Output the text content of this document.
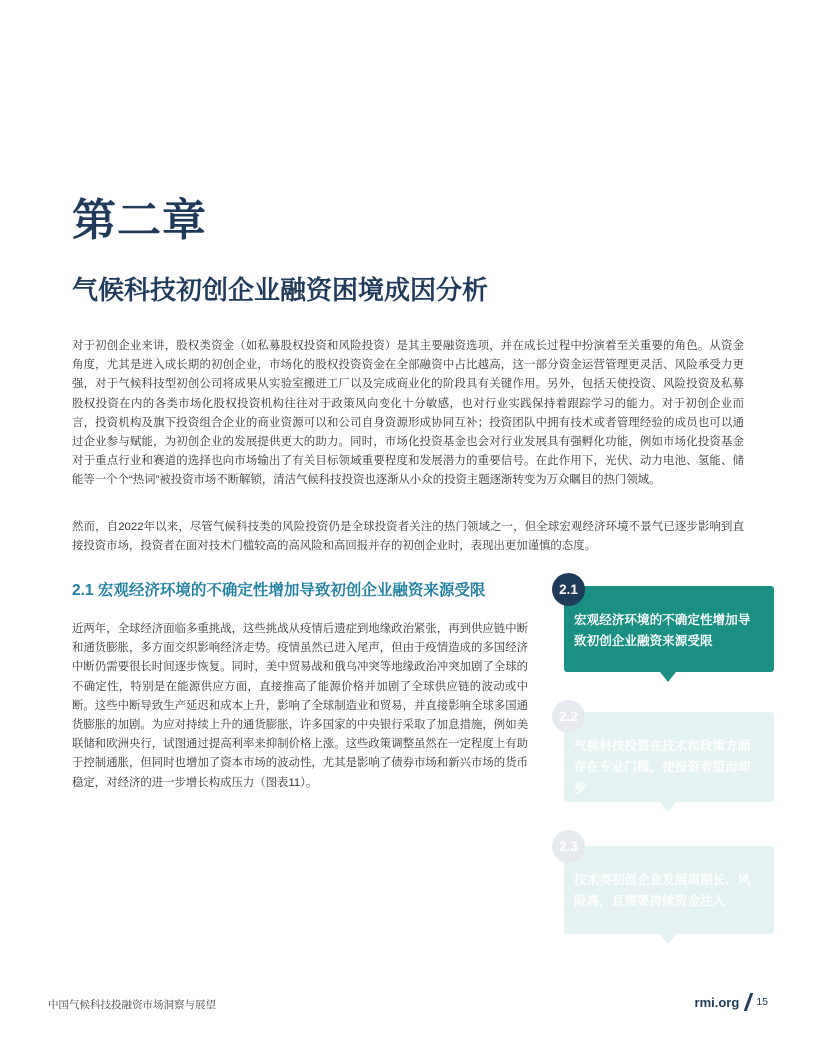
第二章
气候科技初创企业融资困境成因分析

对于初创企业来讲，股权类资金（如私募股权投资和风险投资）是其主要融资选项，并在成长过程中扮演着至关重要的角色。从资金角度，尤其是进入成长期的初创企业，市场化的股权投资资金在全部融资中占比越高，这一部分资金运营管理更灵活、风险承受力更强，对于气候科技型初创公司将成果从实验室搬进工厂以及完成商业化的阶段具有关键作用。另外，包括天使投资、风险投资及私募股权投资在内的各类市场化股权投资机构往往对于政策风向变化十分敏感，也对行业实践保持着跟踪学习的能力。对于初创企业而言，投资机构及旗下投资组合企业的商业资源可以和公司自身资源形成协同互补；投资团队中拥有技术或者管理经验的成员也可以通过企业参与赋能，为初创企业的发展提供更大的助力。同时，市场化投资基金也会对行业发展具有强孵化功能，例如市场化投资基金对于重点行业和赛道的选择也向市场输出了有关目标领域重要程度和发展潜力的重要信号。在此作用下，光伏、动力电池、氢能、储能等一个个“热词”被投资市场不断解锁，清洁气候科技投资也逐渐从小众的投资主题逐渐转变为万众瞩目的热门领域。

然而，自2022年以来，尽管气候科技类的风险投资仍是全球投资者关注的热门领域之一，但全球宏观经济环境不景气已逐步影响到直接投资市场，投资者在面对技术门槛较高的高风险和高回报并存的初创企业时，表现出更加谨慎的态度。

2.1 宏观经济环境的不确定性增加导致初创企业融资来源受限

近两年，全球经济面临多重挑战，这些挑战从疫情后遗症到地缘政治紧张，再到供应链中断和通货膨胀，多方面交织影响经济走势。疫情虽然已进入尾声，但由于疫情造成的多国经济中断仍需要很长时间逐步恢复。同时，美中贸易战和俄乌冲突等地缘政治冲突加剧了全球的不确定性，特别是在能源供应方面，直接推高了能源价格并加剧了全球供应链的波动或中断。这些中断导致生产延迟和成本上升，影响了全球制造业和贸易，并直接影响全球多国通货膨胀的加剧。为应对持续上升的通货膨胀，许多国家的中央银行采取了加息措施，例如美联储和欧洲央行，试图通过提高利率来抑制价格上涨。这些政策调整虽然在一定程度上有助于控制通胀，但同时也增加了资本市场的波动性，尤其是影响了债券市场和新兴市场的货币稳定，对经济的进一步增长构成压力（图表11）。

宏观经济环境的不确定性增加导致初创企业融资来源受限
2.1
气候科技投资在技术和政策方面存在专业门槛，使投资者望而却步
2.2
技术类初创企业发展周期长、风险高，且需要持续资金注入
2.3
中国气候科技投融资市场洞察与展望	rmi.org 15
